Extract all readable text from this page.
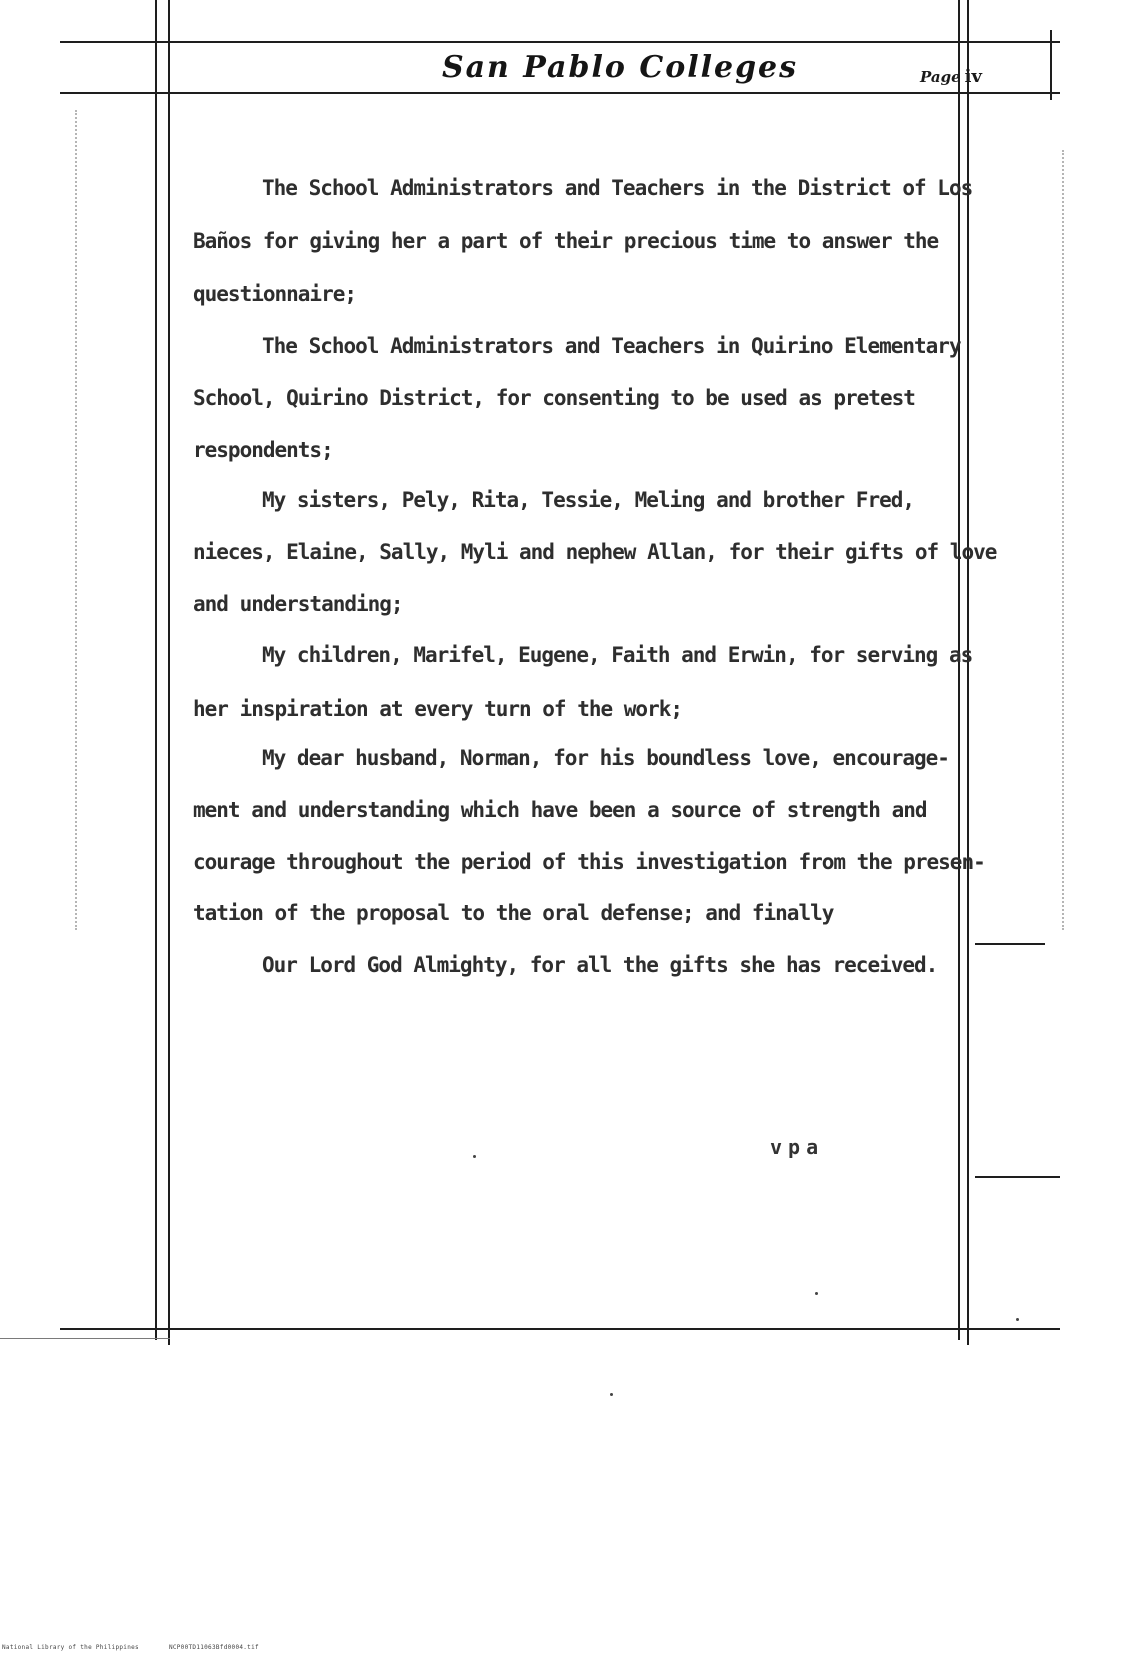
San Pablo Colleges	Page iv
The School Administrators and Teachers in the District of Los
Baños for giving her a part of their precious time to answer the
questionnaire;
The School Administrators and Teachers in Quirino Elementary
School, Quirino District, for consenting to be used as pretest
respondents;
My sisters, Pely, Rita, Tessie, Meling and brother Fred,
nieces, Elaine, Sally, Myli and nephew Allan, for their gifts of love
and understanding;
My children, Marifel, Eugene, Faith and Erwin, for serving as
her inspiration at every turn of the work;
My dear husband, Norman, for his boundless love, encourage-
ment and understanding which have been a source of strength and
courage throughout the period of this investigation from the presen-
tation of the proposal to the oral defense; and finally
Our Lord God Almighty, for all the gifts she has received.
vpa
National Library of the Philippines	NCP00TD11063Bfd0004.tif
